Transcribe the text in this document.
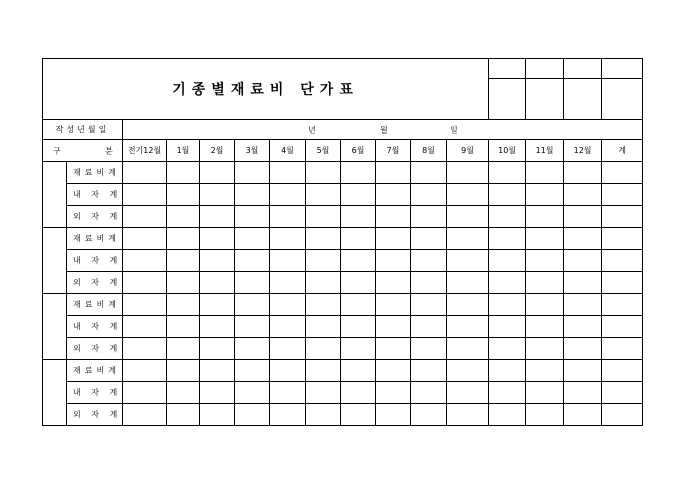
기종별재료비 단가표															

작성년월일		년 월 일													

구 분		전기12월	1월	2월	3월	4월	5월	6월	7월	8월	9월	10월	11월	12월	계
	재료비계														
	내 자 계														
	외 자 계														
	재료비계														
	내 자 계														
	외 자 계														
	재료비계														
	내 자 계														
	외 자 계														
	재료비계														
	내 자 계														
	외 자 계														
